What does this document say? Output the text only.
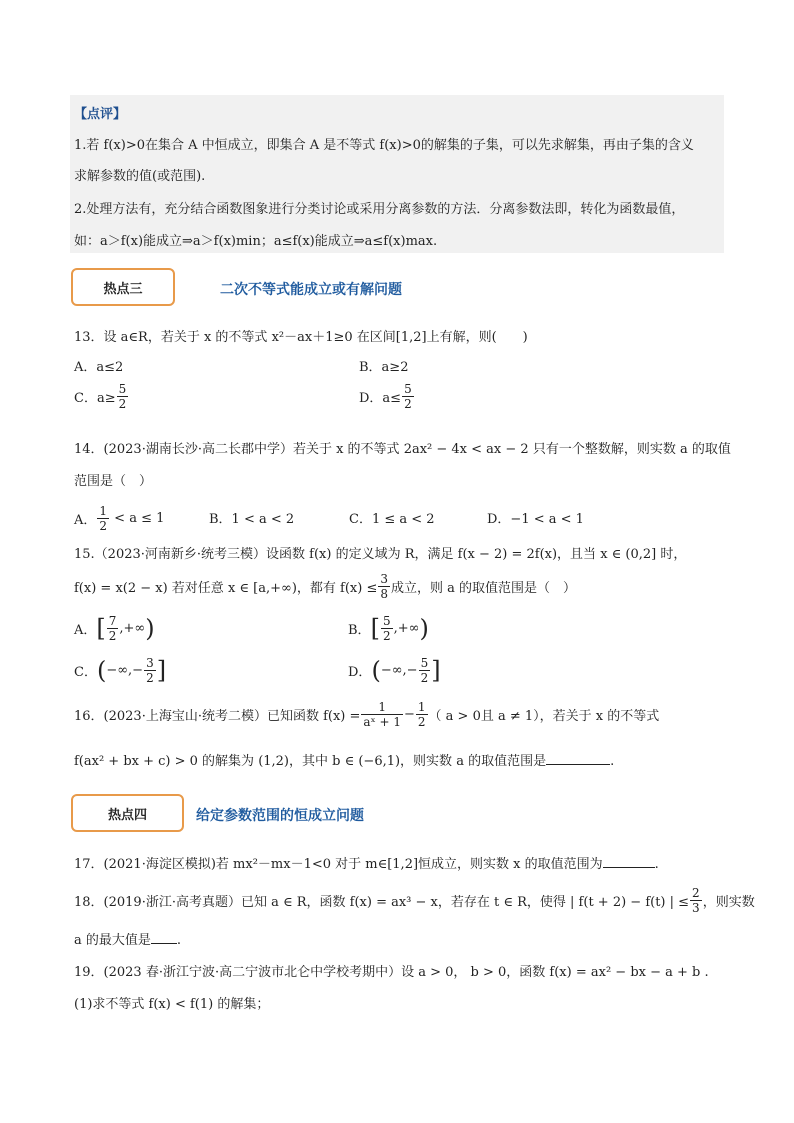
【点评】
1.若 f(x)>0在集合 A 中恒成立，即集合 A 是不等式 f(x)>0的解集的子集，可以先求解集，再由子集的含义
求解参数的值(或范围).
2.处理方法有，充分结合函数图象进行分类讨论或采用分离参数的方法．分离参数法即，转化为函数最值，
如：a＞f(x)能成立⇒a＞f(x)min；a≤f(x)能成立⇒a≤f(x)max.
热点三	二次不等式能成立或有解问题
13．设 a∈R，若关于 x 的不等式 x²－ax＋1≥0 在区间[1,2]上有解，则(　　)
A．a≤2	B．a≥2
C．$a\ge \frac{5}{2}$	D．$a\le \frac{5}{2}$
14．(2023·湖南长沙·高二长郡中学）若关于 x 的不等式 2ax² − 4x < ax − 2 只有一个整数解，则实数 a 的取值
范围是（　）
A． $\frac{1}{2} < a \le 1$	B．1 < a < 2	C．1 ≤ a < 2	D．−1 < a < 1
15.（2023·河南新乡·统考三模）设函数 f(x) 的定义域为 R，满足 f(x − 2) = 2f(x)，且当 x ∈ (0,2] 时，
f(x) = x(2 − x) 若对任意 x ∈ [a,+∞)，都有 $f(x) \le \frac{3}{8}$ 成立，则 a 的取值范围是（　）
A．[ $\frac{7}{2}$ ,+∞)	B．[ $\frac{5}{2}$ ,+∞)
C．(−∞,− $\frac{3}{2}$ ]	D．(−∞,− $\frac{5}{2}$ ]
16．(2023·上海宝山·统考二模）已知函数 $f(x) = \frac{1}{\text{aˣ + 1}} - \frac{1}{2}$ （ a > 0且 a ≠ 1），若关于 x 的不等式
f(ax² + bx + c) > 0 的解集为 (1,2)，其中 b ∈ (−6,1)，则实数 a 的取值范围是	.
热点四	给定参数范围的恒成立问题
17．(2021·海淀区模拟)若 mx²－mx－1<0 对于 m∈[1,2]恒成立，则实数 x 的取值范围为	.
18．(2019·浙江·高考真题）已知 a ∈ R，函数 f(x) = ax³ − x，若存在 t ∈ R，使得 | f(t + 2) − f(t) | ≤ $\frac{2}{3}$ ，则实数
a 的最大值是 .
19．(2023 春·浙江宁波·高二宁波市北仑中学校考期中）设 a > 0， b > 0，函数 f(x) = ax² − bx − a + b .
(1)求不等式 f(x) < f(1) 的解集；
